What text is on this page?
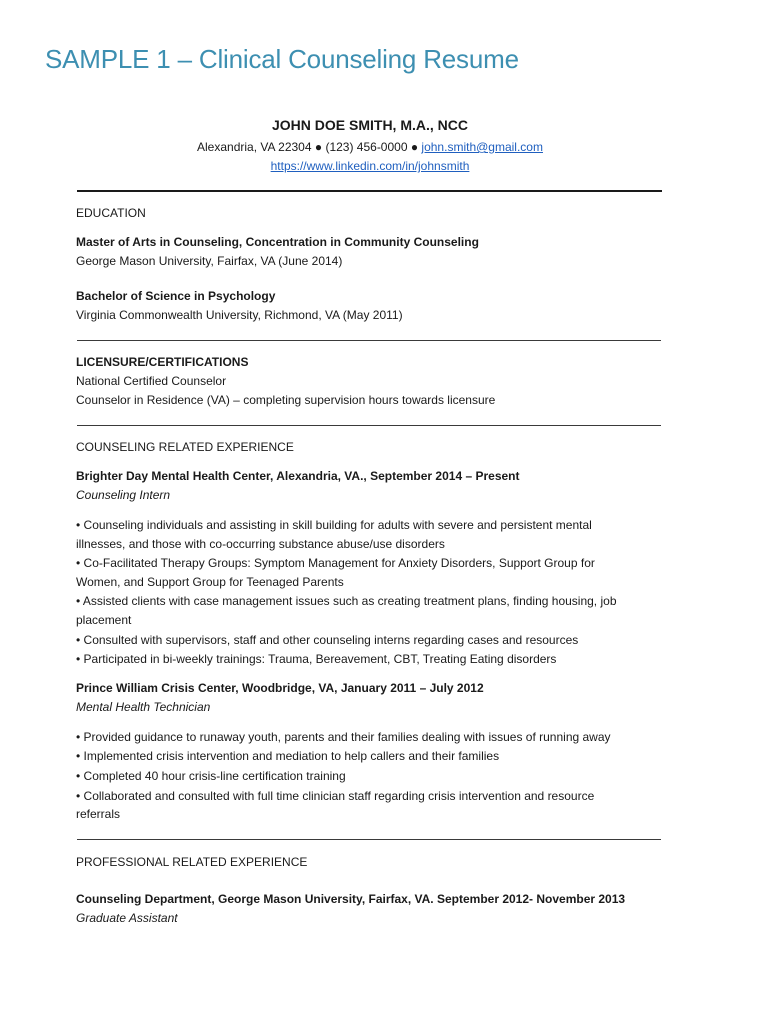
SAMPLE 1 – Clinical Counseling Resume
JOHN DOE SMITH, M.A., NCC
Alexandria, VA 22304 ● (123) 456-0000 ● john.smith@gmail.com
https://www.linkedin.com/in/johnsmith
EDUCATION
Master of Arts in Counseling, Concentration in Community Counseling
George Mason University, Fairfax, VA (June 2014)
Bachelor of Science in Psychology
Virginia Commonwealth University, Richmond, VA (May 2011)
LICENSURE/CERTIFICATIONS
National Certified Counselor
Counselor in Residence (VA) – completing supervision hours towards licensure
COUNSELING RELATED EXPERIENCE
Brighter Day Mental Health Center, Alexandria, VA., September 2014 – Present
Counseling Intern
• Counseling individuals and assisting in skill building for adults with severe and persistent mental
illnesses, and those with co-occurring substance abuse/use disorders
• Co-Facilitated Therapy Groups: Symptom Management for Anxiety Disorders, Support Group for
Women, and Support Group for Teenaged Parents
• Assisted clients with case management issues such as creating treatment plans, finding housing, job
placement
• Consulted with supervisors, staff and other counseling interns regarding cases and resources
• Participated in bi-weekly trainings: Trauma, Bereavement, CBT, Treating Eating disorders
Prince William Crisis Center, Woodbridge, VA, January 2011 – July 2012
Mental Health Technician
• Provided guidance to runaway youth, parents and their families dealing with issues of running away
• Implemented crisis intervention and mediation to help callers and their families
• Completed 40 hour crisis-line certification training
• Collaborated and consulted with full time clinician staff regarding crisis intervention and resource
referrals
PROFESSIONAL RELATED EXPERIENCE
Counseling Department, George Mason University, Fairfax, VA. September 2012- November 2013
Graduate Assistant
